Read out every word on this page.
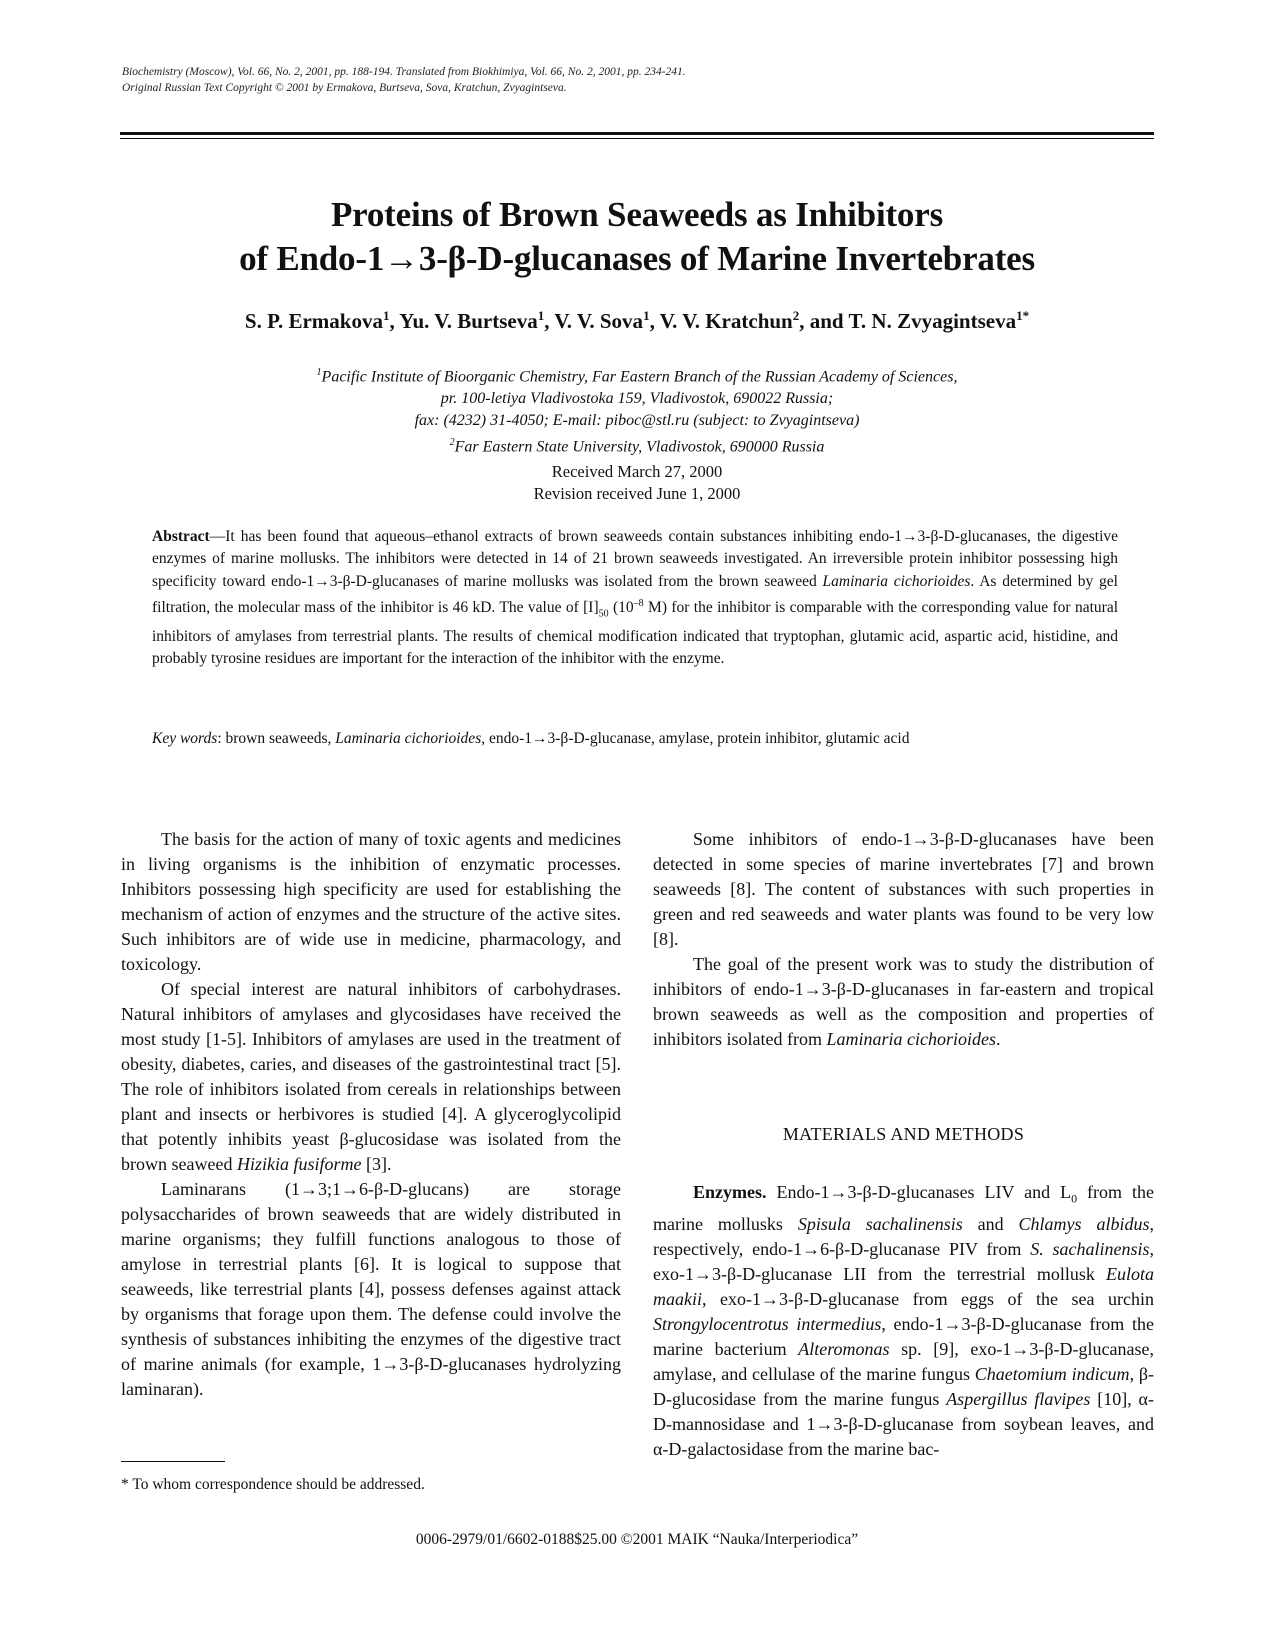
Biochemistry (Moscow), Vol. 66, No. 2, 2001, pp. 188-194. Translated from Biokhimiya, Vol. 66, No. 2, 2001, pp. 234-241.
Original Russian Text Copyright © 2001 by Ermakova, Burtseva, Sova, Kratchun, Zvyagintseva.
Proteins of Brown Seaweeds as Inhibitors
of Endo-1→3-β-D-glucanases of Marine Invertebrates
S. P. Ermakova$^1$, Yu. V. Burtseva$^1$, V. V. Sova$^1$, V. V. Kratchun$^2$, and T. N. Zvyagintseva$^{1*}$
$^1$Pacific Institute of Bioorganic Chemistry, Far Eastern Branch of the Russian Academy of Sciences,
pr. 100-letiya Vladivostoka 159, Vladivostok, 690022 Russia;
fax: (4232) 31-4050; E-mail: piboc@stl.ru (subject: to Zvyagintseva)
$^2$Far Eastern State University, Vladivostok, 690000 Russia
Received March 27, 2000
Revision received June 1, 2000
Abstract—It has been found that aqueous–ethanol extracts of brown seaweeds contain substances inhibiting endo-1→3-β-D-glucanases, the digestive enzymes of marine mollusks. The inhibitors were detected in 14 of 21 brown seaweeds investigated. An irreversible protein inhibitor possessing high specificity toward endo-1→3-β-D-glucanases of marine mollusks was isolated from the brown seaweed Laminaria cichorioides. As determined by gel filtration, the molecular mass of the inhibitor is 46 kD. The value of $[I]_{50}$ ($10^{-8}$ M) for the inhibitor is comparable with the corresponding value for natural inhibitors of amylases from terrestrial plants. The results of chemical modification indicated that tryptophan, glutamic acid, aspartic acid, histidine, and probably tyrosine residues are important for the interaction of the inhibitor with the enzyme.
Key words: brown seaweeds, Laminaria cichorioides, endo-1→3-β-D-glucanase, amylase, protein inhibitor, glutamic acid

The basis for the action of many of toxic agents and medicines in living organisms is the inhibition of enzymatic processes. Inhibitors possessing high specificity are used for establishing the mechanism of action of enzymes and the structure of the active sites. Such inhibitors are of wide use in medicine, pharmacology, and toxicology.

Of special interest are natural inhibitors of carbohydrases. Natural inhibitors of amylases and glycosidases have received the most study [1-5]. Inhibitors of amylases are used in the treatment of obesity, diabetes, caries, and diseases of the gastrointestinal tract [5]. The role of inhibitors isolated from cereals in relationships between plant and insects or herbivores is studied [4]. A glyceroglycolipid that potently inhibits yeast β-glucosidase was isolated from the brown seaweed Hizikia fusiforme [3].

Laminarans (1→3;1→6-β-D-glucans) are storage polysaccharides of brown seaweeds that are widely distributed in marine organisms; they fulfill functions analogous to those of amylose in terrestrial plants [6]. It is logical to suppose that seaweeds, like terrestrial plants [4], possess defenses against attack by organisms that forage upon them. The defense could involve the synthesis of substances inhibiting the enzymes of the digestive tract of marine animals (for example, 1→3-β-D-glucanases hydrolyzing laminaran).

Some inhibitors of endo-1→3-β-D-glucanases have been detected in some species of marine invertebrates [7] and brown seaweeds [8]. The content of substances with such properties in green and red seaweeds and water plants was found to be very low [8].

The goal of the present work was to study the distribution of inhibitors of endo-1→3-β-D-glucanases in far-eastern and tropical brown seaweeds as well as the composition and properties of inhibitors isolated from Laminaria cichorioides.

MATERIALS AND METHODS

Enzymes. Endo-1→3-β-D-glucanases LIV and $L_0$ from the marine mollusks Spisula sachalinensis and Chlamys albidus, respectively, endo-1→6-β-D-glucanase PIV from S. sachalinensis, exo-1→3-β-D-glucanase LII from the terrestrial mollusk Eulota maakii, exo-1→3-β-D-glucanase from eggs of the sea urchin Strongylocentrotus intermedius, endo-1→3-β-D-glucanase from the marine bacterium Alteromonas sp. [9], exo-1→3-β-D-glucanase, amylase, and cellulase of the marine fungus Chaetomium indicum, β-D-glucosidase from the marine fungus Aspergillus flavipes [10], α-D-mannosidase and 1→3-β-D-glucanase from soybean leaves, and α-D-galactosidase from the marine bac-

* To whom correspondence should be addressed.
0006-2979/01/6602-0188$25.00 ©2001 MAIK “Nauka/Interperiodica”
